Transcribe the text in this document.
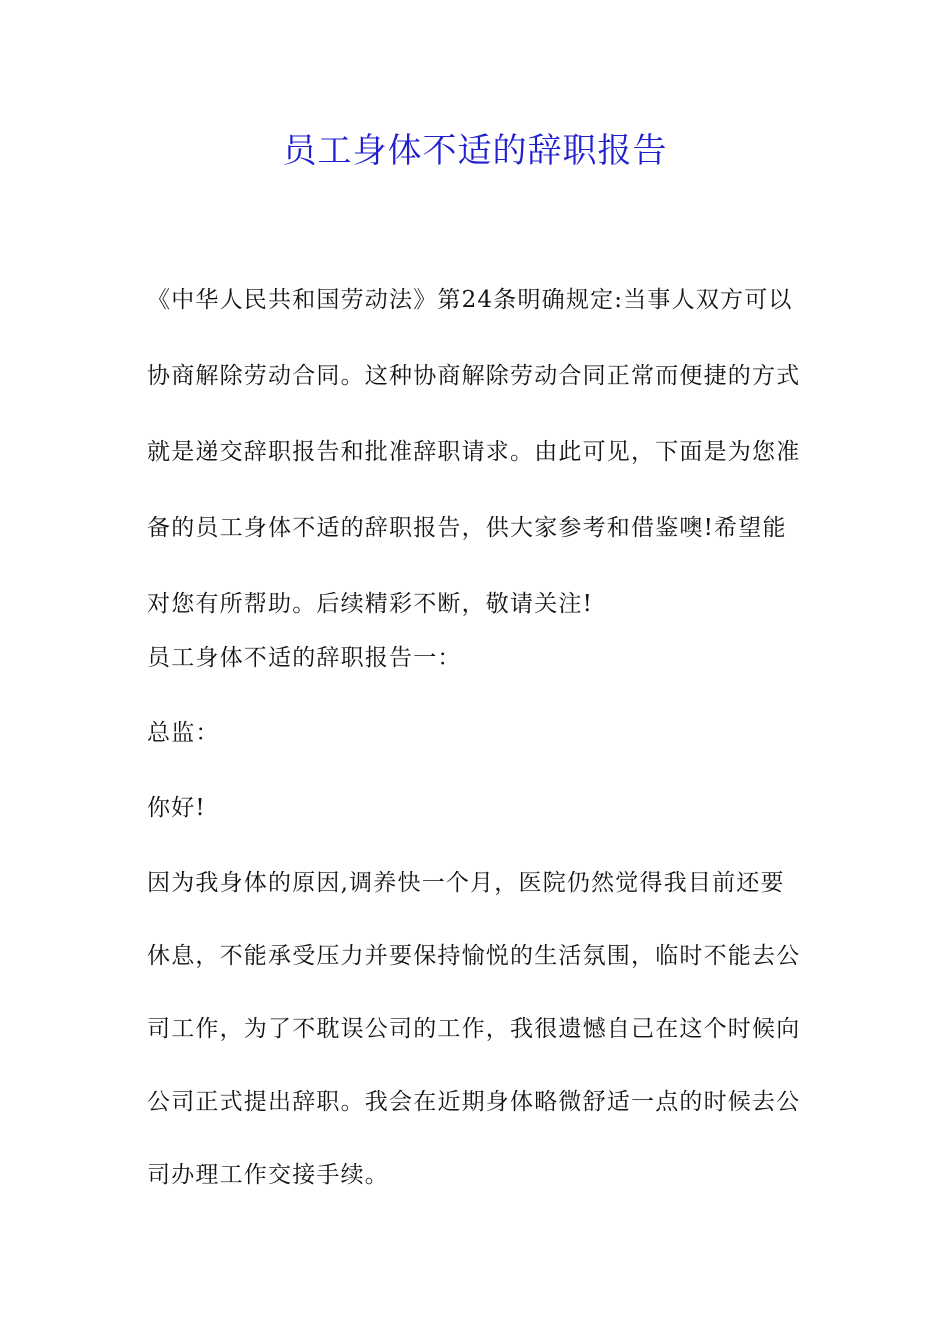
员工身体不适的辞职报告

《中华人民共和国劳动法》第24条明确规定:当事人双方可以协商解除劳动合同。这种协商解除劳动合同正常而便捷的方式就是递交辞职报告和批准辞职请求。由此可见，下面是为您准备的员工身体不适的辞职报告，供大家参考和借鉴噢!希望能对您有所帮助。后续精彩不断，敬请关注!

员工身体不适的辞职报告一：

总监：

你好!

因为我身体的原因,调养快一个月，医院仍然觉得我目前还要休息，不能承受压力并要保持愉悦的生活氛围，临时不能去公司工作，为了不耽误公司的工作，我很遗憾自己在这个时候向公司正式提出辞职。我会在近期身体略微舒适一点的时候去公司办理工作交接手续。
